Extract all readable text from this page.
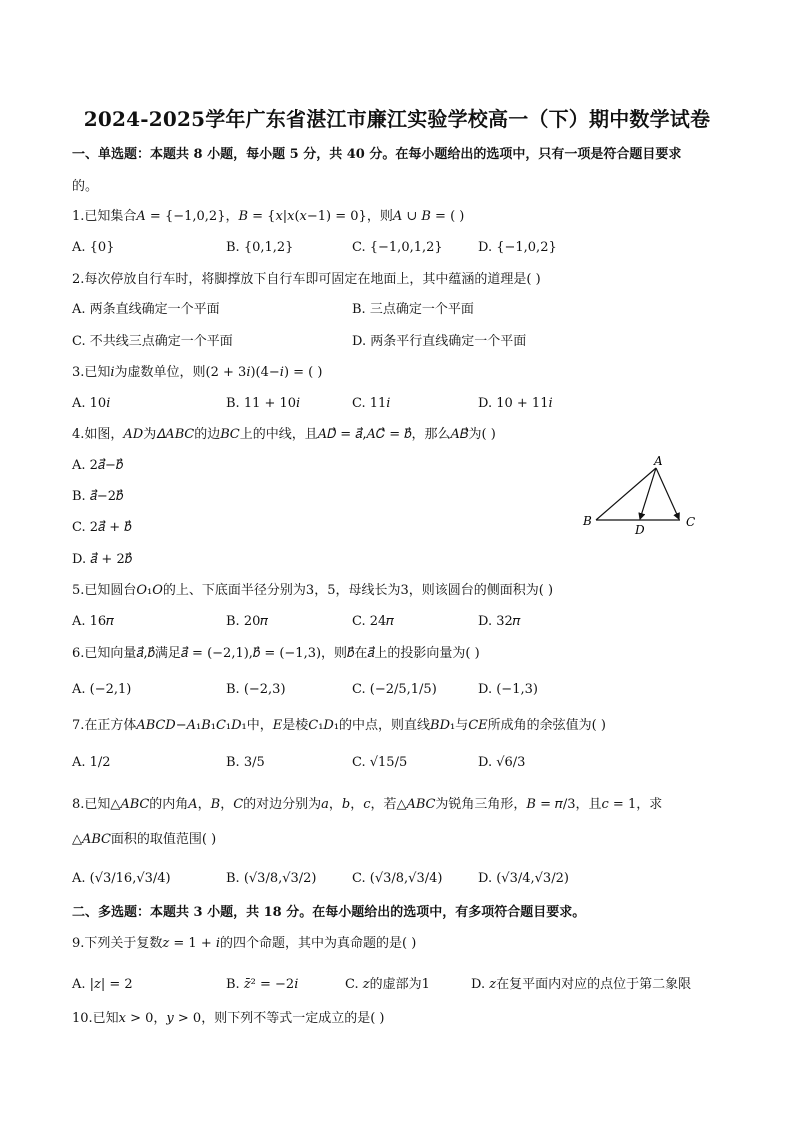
2024-2025学年广东省湛江市廉江实验学校高一（下）期中数学试卷
一、单选题：本题共 8 小题，每小题 5 分，共 40 分。在每小题给出的选项中，只有一项是符合题目要求
的。
1.已知集合𝐴 = {−1,0,2}，𝐵 = {𝑥|𝑥(𝑥−1) = 0}，则𝐴 ∪ 𝐵 = ( )
A. {0}	B. {0,1,2}	C. {−1,0,1,2}	D. {−1,0,2}
2.每次停放自行车时，将脚撑放下自行车即可固定在地面上，其中蕴涵的道理是( )
A. 两条直线确定一个平面	B. 三点确定一个平面
C. 不共线三点确定一个平面	D. 两条平行直线确定一个平面
3.已知𝑖为虚数单位，则(2 + 3𝑖)(4−𝑖) = ( )
A. 10𝑖	B. 11 + 10𝑖	C. 11𝑖	D. 10 + 11𝑖
4.如图，𝐴𝐷为𝛥𝐴𝐵𝐶的边𝐵𝐶上的中线，且𝐴𝐷⃗ = 𝑎⃗,𝐴𝐶⃗ = 𝑏⃗，那么𝐴𝐵⃗为( )
A. 2𝑎⃗−𝑏⃗
B. 𝑎⃗−2𝑏⃗
C. 2𝑎⃗ + 𝑏⃗
D. 𝑎⃗ + 2𝑏⃗
A
B
D
C
5.已知圆台𝑂₁𝑂的上、下底面半径分别为3，5，母线长为3，则该圆台的侧面积为( )
A. 16𝜋	B. 20𝜋	C. 24𝜋	D. 32𝜋
6.已知向量𝑎⃗,𝑏⃗满足𝑎⃗ = (−2,1),𝑏⃗ = (−1,3)，则𝑏⃗在𝑎⃗上的投影向量为( )
A. (−2,1)	B. (−2,3)	C. (−2/5,1/5)	D. (−1,3)
7.在正方体𝐴𝐵𝐶𝐷−𝐴₁𝐵₁𝐶₁𝐷₁中，𝐸是棱𝐶₁𝐷₁的中点，则直线𝐵𝐷₁与𝐶𝐸所成角的余弦值为( )
A. 1/2	B. 3/5	C. √15/5	D. √6/3
8.已知△𝐴𝐵𝐶的内角𝐴，𝐵，𝐶的对边分别为𝑎，𝑏，𝑐，若△𝐴𝐵𝐶为锐角三角形，𝐵 = 𝜋/3，且𝑐 = 1，求
△𝐴𝐵𝐶面积的取值范围( )
A. (√3/16,√3/4)	B. (√3/8,√3/2)	C. (√3/8,√3/4)	D. (√3/4,√3/2)
二、多选题：本题共 3 小题，共 18 分。在每小题给出的选项中，有多项符合题目要求。
9.下列关于复数𝑧 = 1 + 𝑖的四个命题，其中为真命题的是( )
A. |𝑧| = 2	B. 𝑧̄² = −2𝑖	C. 𝑧的虚部为1	D. 𝑧在复平面内对应的点位于第二象限
10.已知𝑥 > 0，𝑦 > 0，则下列不等式一定成立的是( )
